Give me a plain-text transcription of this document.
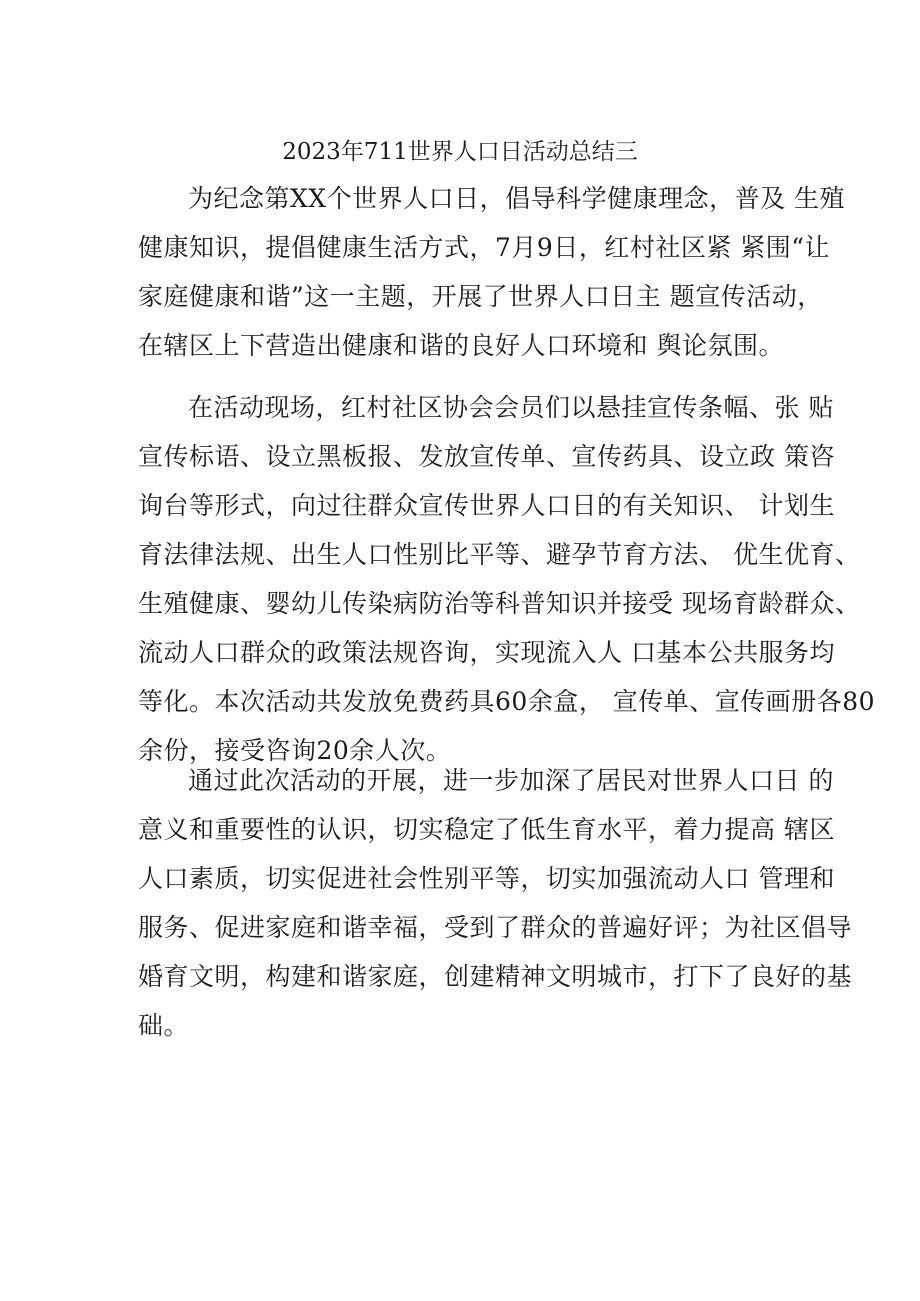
2023年711世界人口日活动总结三
为纪念第XX个世界人口日，倡导科学健康理念，普及 生殖
健康知识，提倡健康生活方式，7月9日，红村社区紧 紧围“让
家庭健康和谐”这一主题，开展了世界人口日主 题宣传活动，
在辖区上下营造出健康和谐的良好人口环境和 舆论氛围。
在活动现场，红村社区协会会员们以悬挂宣传条幅、张 贴
宣传标语、设立黑板报、发放宣传单、宣传药具、设立政 策咨
询台等形式，向过往群众宣传世界人口日的有关知识、 计划生
育法律法规、出生人口性别比平等、避孕节育方法、 优生优育、
生殖健康、婴幼儿传染病防治等科普知识并接受 现场育龄群众、
流动人口群众的政策法规咨询，实现流入人 口基本公共服务均
等化。本次活动共发放免费药具60余盒， 宣传单、宣传画册各80
余份，接受咨询20余人次。
通过此次活动的开展，进一步加深了居民对世界人口日 的
意义和重要性的认识，切实稳定了低生育水平，着力提高 辖区
人口素质，切实促进社会性别平等，切实加强流动人口 管理和
服务、促进家庭和谐幸福，受到了群众的普遍好评；为社区倡导
婚育文明，构建和谐家庭，创建精神文明城市，打下了良好的基
础。
